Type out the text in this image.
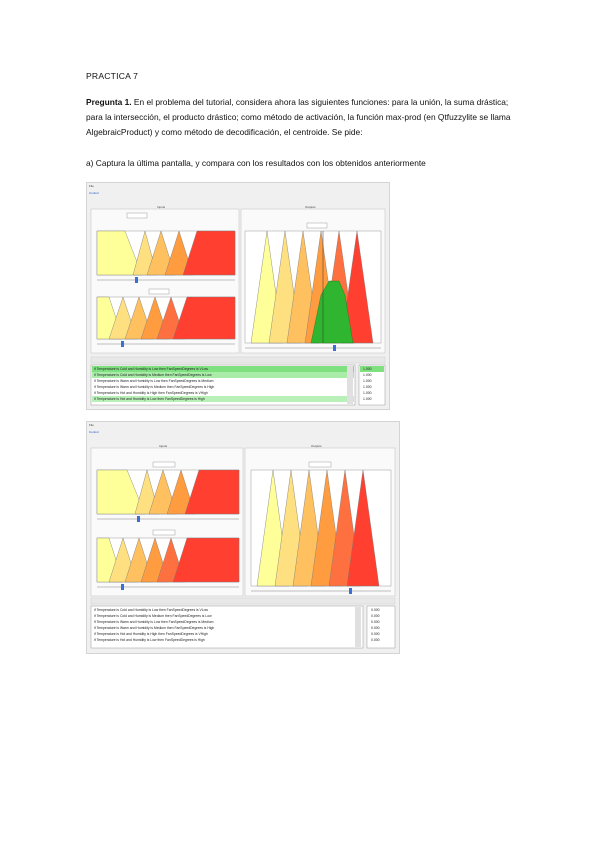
PRACTICA 7
Pregunta 1. En el problema del tutorial, considera ahora las siguientes funciones: para la unión, la suma drástica; para la intersección, el producto drástico; como método de activación, la función max-prod (en Qtfuzzylite se llama AlgebraicProduct) y como método de decodificación, el centroide. Se pide:
a) Captura la última pantalla, y compara con los resultados con los obtenidos anteriormente
File
Control
Inputs	Outputs
if Temperature is Cold and Humidity is Low then FanSpeedDegrees is VLow
if Temperature is Cold and Humidity is Medium then FanSpeedDegrees is Low
if Temperature is Warm and Humidity is Low then FanSpeedDegrees is Medium
if Temperature is Warm and Humidity is Medium then FanSpeedDegrees is High
if Temperature is Hot and Humidity is High then FanSpeedDegrees is VHigh
if Temperature is Hot and Humidity is Low then FanSpeedDegrees is High
1.000
1.000
1.000
1.000
1.000
1.000
File
Control
Inputs	Outputs
if Temperature is Cold and Humidity is Low then FanSpeedDegrees is VLow
if Temperature is Cold and Humidity is Medium then FanSpeedDegrees is Low
if Temperature is Warm and Humidity is Low then FanSpeedDegrees is Medium
if Temperature is Warm and Humidity is Medium then FanSpeedDegrees is High
if Temperature is Hot and Humidity is High then FanSpeedDegrees is VHigh
if Temperature is Hot and Humidity is Low then FanSpeedDegrees is High
0.000
0.000
0.000
0.000
0.000
0.000
